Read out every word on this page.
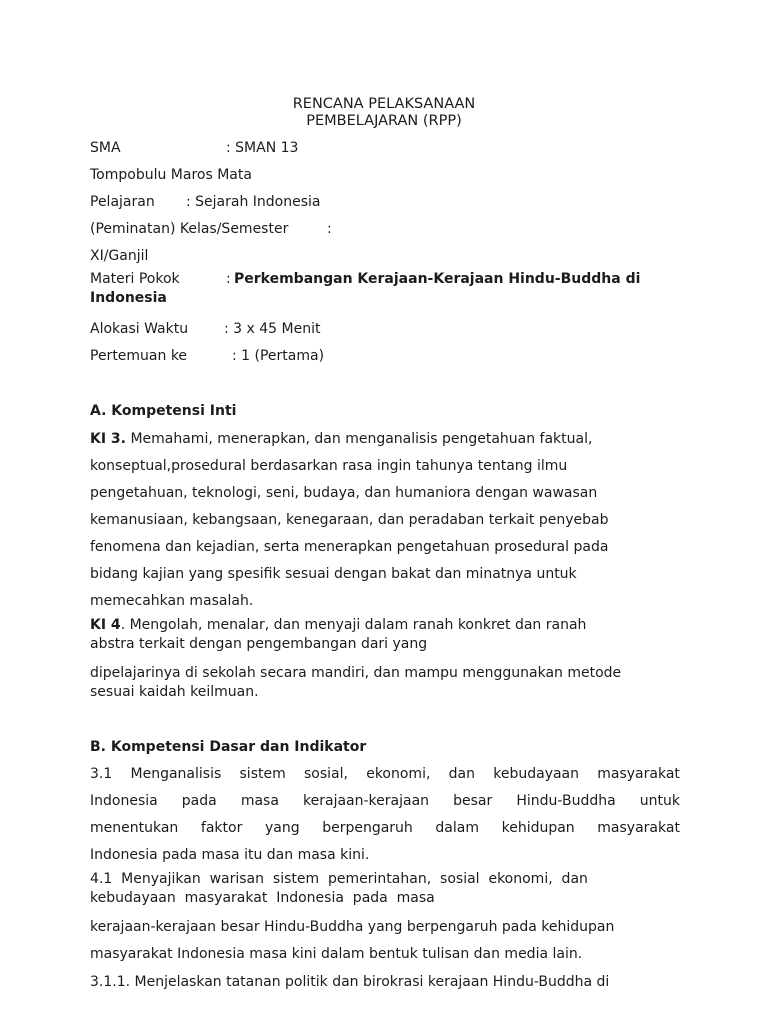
RENCANA PELAKSANAAN
PEMBELAJARAN (RPP)
SMA	: SMAN 13
Tompobulu Maros Mata
Pelajaran : Sejarah Indonesia
(Peminatan) Kelas/Semester	:
XI/Ganjil
Materi Pokok	: Perkembangan Kerajaan-Kerajaan Hindu-Buddha di
Indonesia
Alokasi Waktu	: 3 x 45 Menit
Pertemuan ke	: 1 (Pertama)
A. Kompetensi Inti
KI 3. Memahami, menerapkan, dan menganalisis pengetahuan faktual,
konseptual,prosedural berdasarkan rasa ingin tahunya tentang ilmu
pengetahuan, teknologi, seni, budaya, dan humaniora dengan wawasan
kemanusiaan, kebangsaan, kenegaraan, dan peradaban terkait penyebab
fenomena dan kejadian, serta menerapkan pengetahuan prosedural pada
bidang kajian yang spesifik sesuai dengan bakat dan minatnya untuk
memecahkan masalah.
KI 4. Mengolah, menalar, dan menyaji dalam ranah konkret dan ranah
abstra terkait dengan pengembangan dari yang
dipelajarinya di sekolah secara mandiri, dan mampu menggunakan metode
sesuai kaidah keilmuan.
B. Kompetensi Dasar dan Indikator
3.1 Menganalisis sistem sosial, ekonomi, dan kebudayaan masyarakat
Indonesia pada masa kerajaan-kerajaan besar Hindu-Buddha untuk
menentukan faktor yang berpengaruh dalam kehidupan masyarakat
Indonesia pada masa itu dan masa kini.
4.1  Menyajikan  warisan  sistem  pemerintahan,  sosial  ekonomi,  dan
kebudayaan  masyarakat  Indonesia  pada  masa
kerajaan-kerajaan besar Hindu-Buddha yang berpengaruh pada kehidupan
masyarakat Indonesia masa kini dalam bentuk tulisan dan media lain.
3.1.1. Menjelaskan tatanan politik dan birokrasi kerajaan Hindu-Buddha di
